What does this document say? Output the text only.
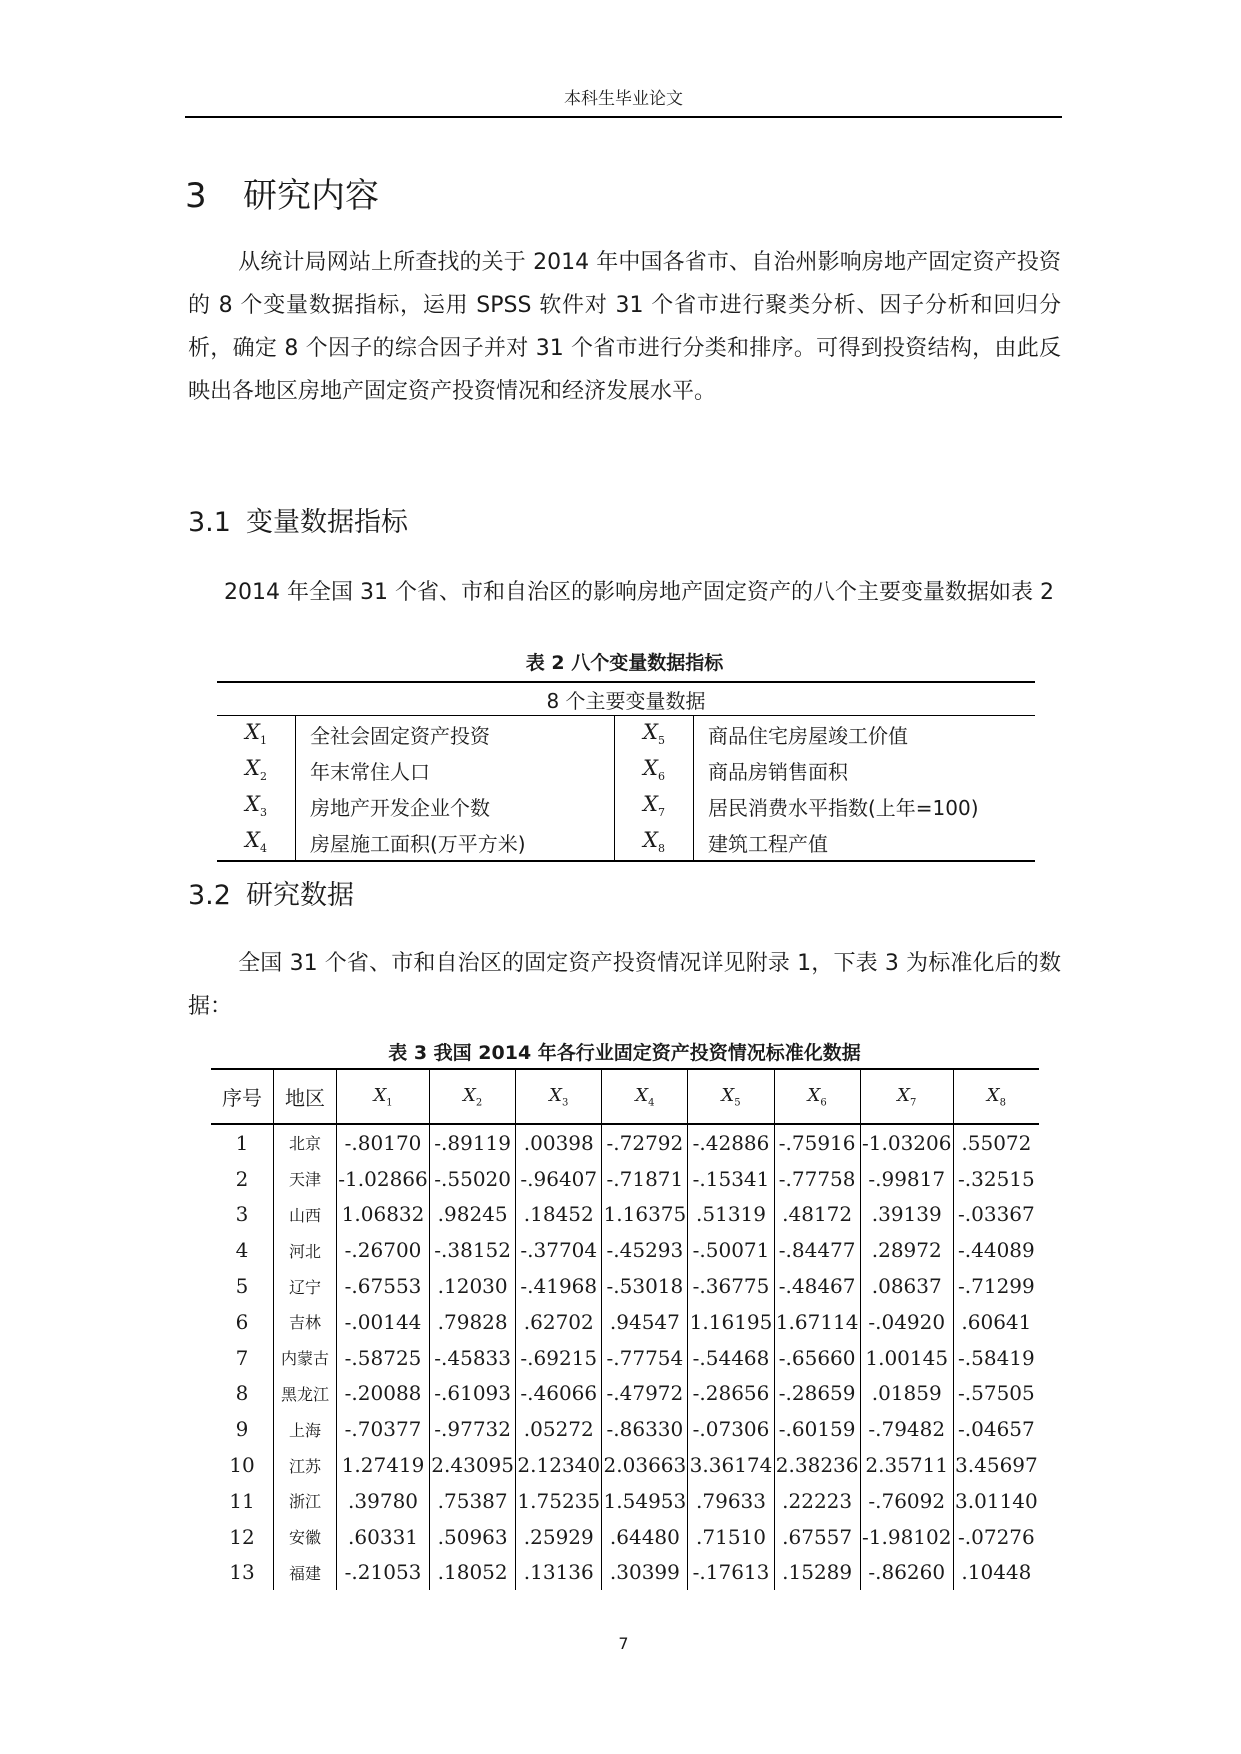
本科生毕业论文
3 研究内容
从统计局网站上所查找的关于 2014 年中国各省市、自治州影响房地产固定资产投资的 8 个变量数据指标，运用 SPSS 软件对 31 个省市进行聚类分析、因子分析和回归分析，确定 8 个因子的综合因子并对 31 个省市进行分类和排序。可得到投资结构，由此反映出各地区房地产固定资产投资情况和经济发展水平。
3.1 变量数据指标
2014 年全国 31 个省、市和自治区的影响房地产固定资产的八个主要变量数据如表 2
表 2 八个变量数据指标
8 个主要变量数据			
$X_1$	全社会固定资产投资	$X_5$	商品住宅房屋竣工价值
$X_2$	年末常住人口	$X_6$	商品房销售面积
$X_3$	房地产开发企业个数	$X_7$	居民消费水平指数(上年=100)
$X_4$	房屋施工面积(万平方米)	$X_8$	建筑工程产值
3.2 研究数据
全国 31 个省、市和自治区的固定资产投资情况详见附录 1，下表 3 为标准化后的数据：
表 3 我国 2014 年各行业固定资产投资情况标准化数据
序号	地区	$X_1$	$X_2$	$X_3$	$X_4$	$X_5$	$X_6$	$X_7$	$X_8$
1	北京	-.80170	-.89119	.00398	-.72792	-.42886	-.75916	-1.03206	.55072
2	天津	-1.02866	-.55020	-.96407	-.71871	-.15341	-.77758	-.99817	-.32515
3	山西	1.06832	.98245	.18452	1.16375	.51319	.48172	.39139	-.03367
4	河北	-.26700	-.38152	-.37704	-.45293	-.50071	-.84477	.28972	-.44089
5	辽宁	-.67553	.12030	-.41968	-.53018	-.36775	-.48467	.08637	-.71299
6	吉林	-.00144	.79828	.62702	.94547	1.16195	1.67114	-.04920	.60641
7	内蒙古	-.58725	-.45833	-.69215	-.77754	-.54468	-.65660	1.00145	-.58419
8	黑龙江	-.20088	-.61093	-.46066	-.47972	-.28656	-.28659	.01859	-.57505
9	上海	-.70377	-.97732	.05272	-.86330	-.07306	-.60159	-.79482	-.04657
10	江苏	1.27419	2.43095	2.12340	2.03663	3.36174	2.38236	2.35711	3.45697
11	浙江	.39780	.75387	1.75235	1.54953	.79633	.22223	-.76092	3.01140
12	安徽	.60331	.50963	.25929	.64480	.71510	.67557	-1.98102	-.07276
13	福建	-.21053	.18052	.13136	.30399	-.17613	.15289	-.86260	.10448
7
